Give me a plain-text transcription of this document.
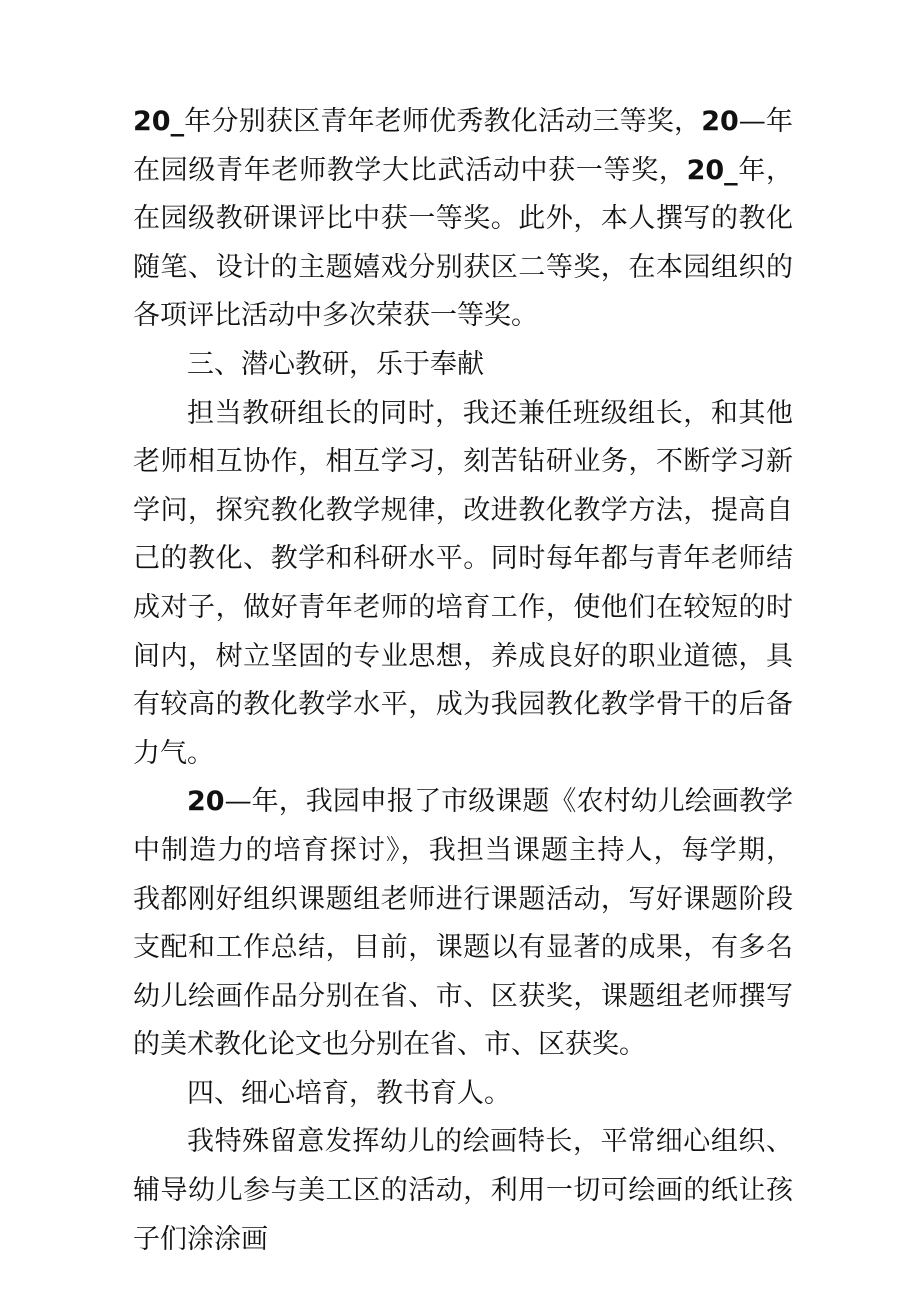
20_年分别获区青年老师优秀教化活动三等奖，20—年在园级青年老师教学大比武活动中获一等奖，20_年，在园级教研课评比中获一等奖。此外，本人撰写的教化随笔、设计的主题嬉戏分别获区二等奖，在本园组织的各项评比活动中多次荣获一等奖。

三、潜心教研，乐于奉献

担当教研组长的同时，我还兼任班级组长，和其他老师相互协作，相互学习，刻苦钻研业务，不断学习新学问，探究教化教学规律，改进教化教学方法，提高自己的教化、教学和科研水平。同时每年都与青年老师结成对子，做好青年老师的培育工作，使他们在较短的时间内，树立坚固的专业思想，养成良好的职业道德，具有较高的教化教学水平，成为我园教化教学骨干的后备力气。

20—年，我园申报了市级课题《农村幼儿绘画教学中制造力的培育探讨》，我担当课题主持人，每学期，我都刚好组织课题组老师进行课题活动，写好课题阶段支配和工作总结，目前，课题以有显著的成果，有多名幼儿绘画作品分别在省、市、区获奖，课题组老师撰写的美术教化论文也分别在省、市、区获奖。

四、细心培育，教书育人。

我特殊留意发挥幼儿的绘画特长，平常细心组织、辅导幼儿参与美工区的活动，利用一切可绘画的纸让孩子们涂涂画
